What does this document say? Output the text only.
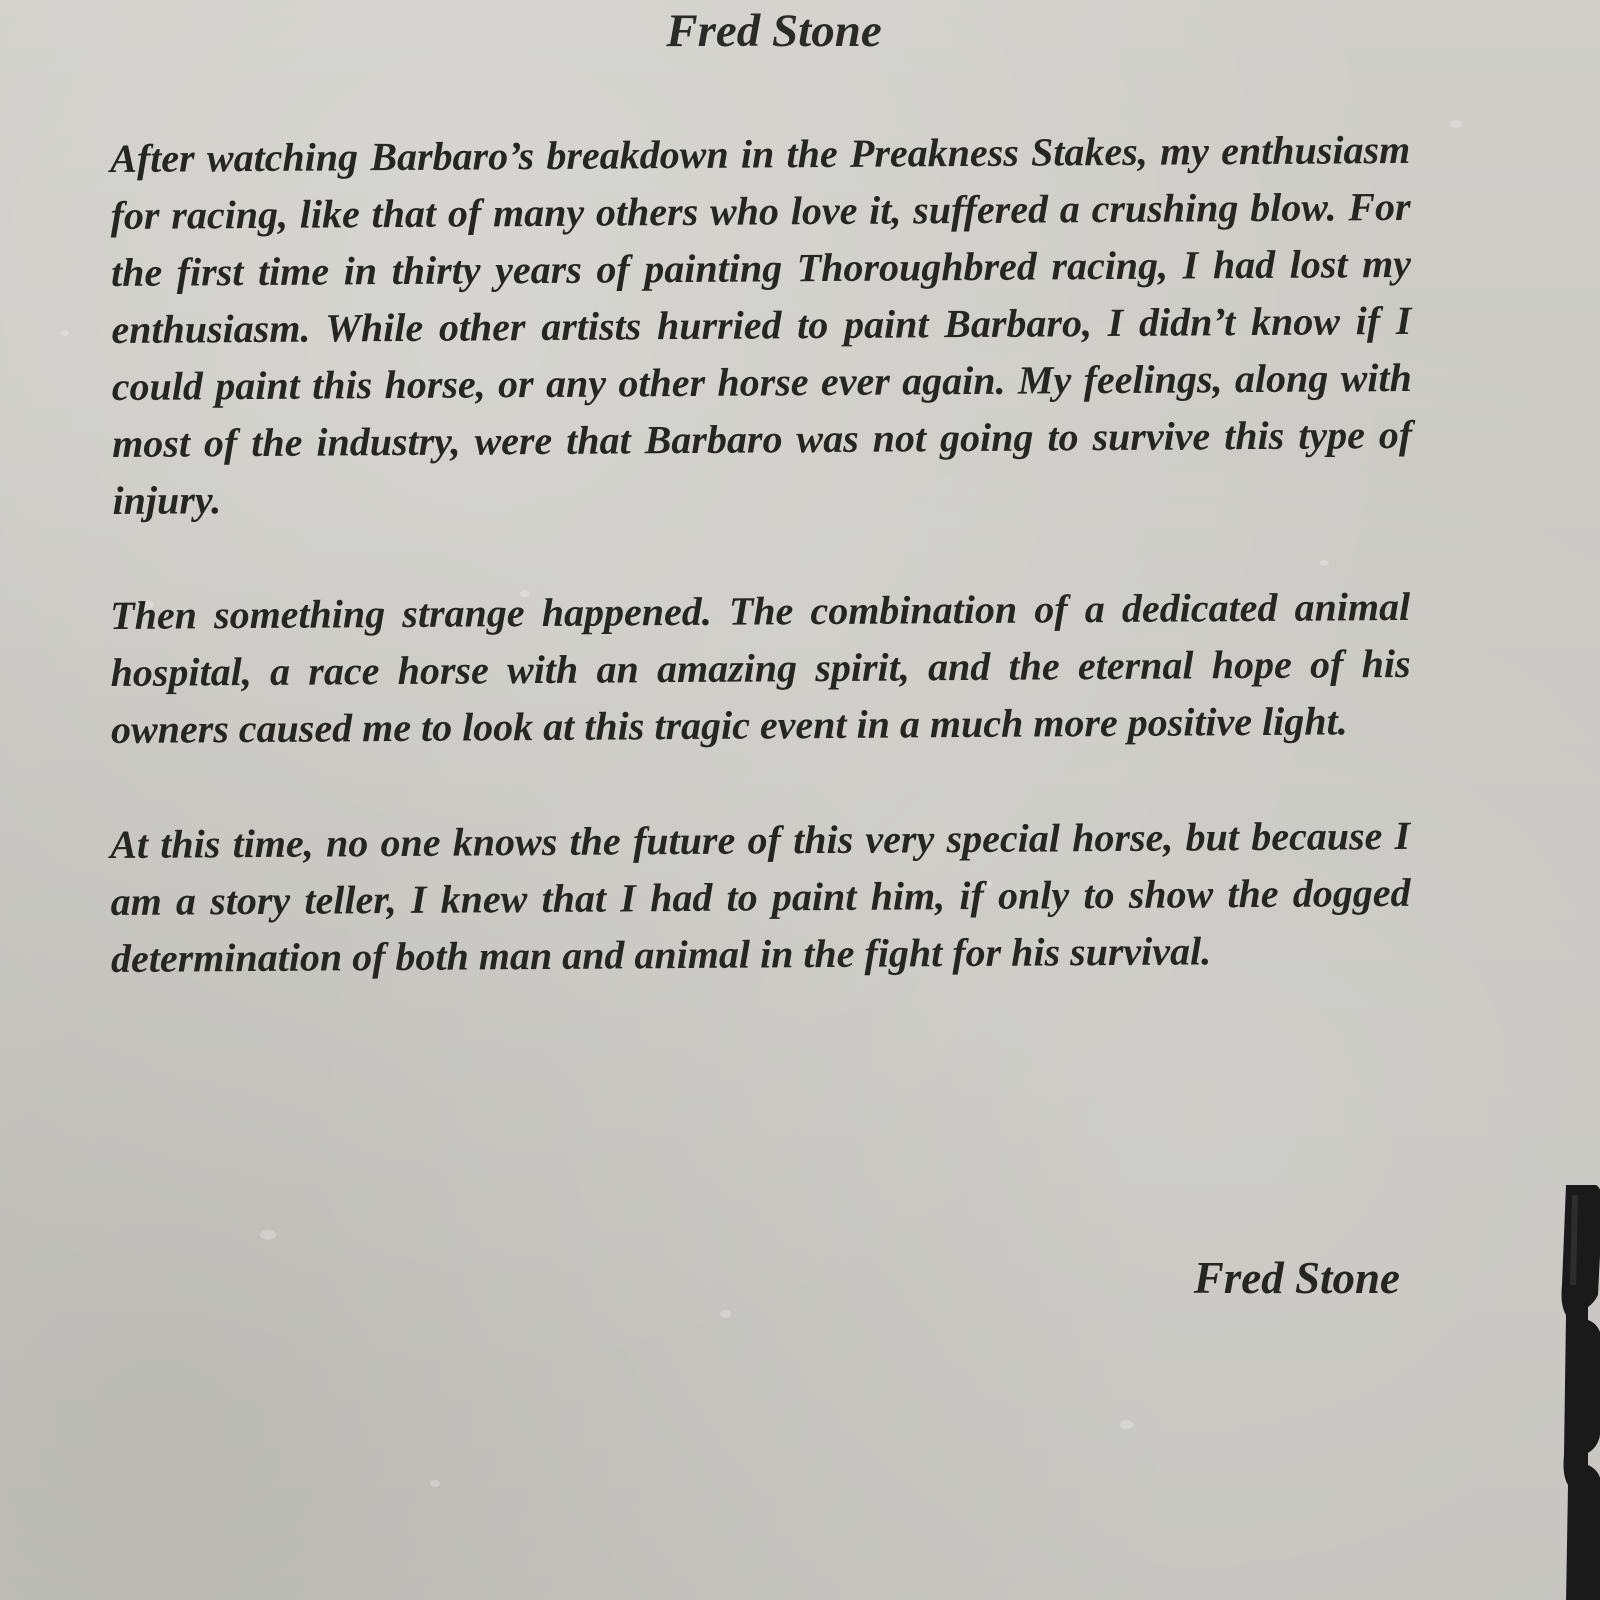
Fred Stone

After watching Barbaro’s breakdown in the Preakness Stakes, my enthusiasm for racing, like that of many others who love it, suffered a crushing blow. For the first time in thirty years of painting Thoroughbred racing, I had lost my enthusiasm. While other artists hurried to paint Barbaro, I didn’t know if I could paint this horse, or any other horse ever again. My feelings, along with most of the industry, were that Barbaro was not going to survive this type of injury.

Then something strange happened. The combination of a dedicated animal hospital, a race horse with an amazing spirit, and the eternal hope of his owners caused me to look at this tragic event in a much more positive light.

At this time, no one knows the future of this very special horse, but because I am a story teller, I knew that I had to paint him, if only to show the dogged determination of both man and animal in the fight for his survival.

Fred Stone
